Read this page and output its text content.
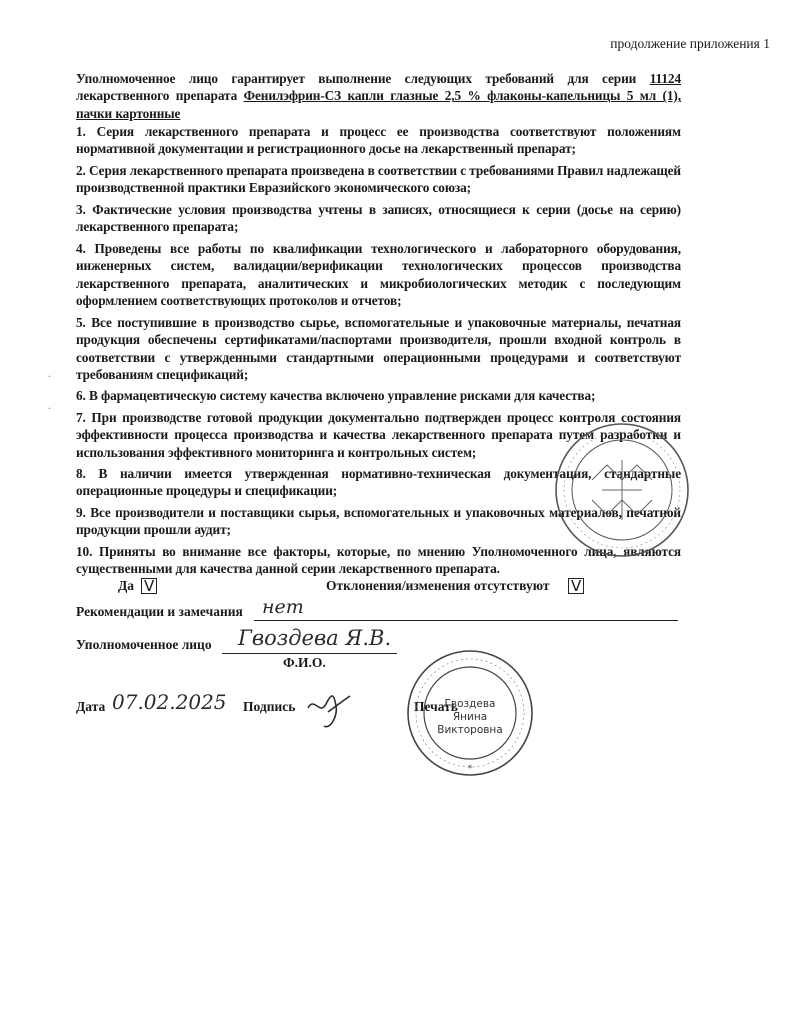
продолжение приложения 1
Уполномоченное лицо гарантирует выполнение следующих требований для серии 11124 лекарственного препарата Фенилэфрин-СЗ капли глазные 2,5 % флаконы-капельницы 5 мл (1), пачки картонные
1. Серия лекарственного препарата и процесс ее производства соответствуют положениям нормативной документации и регистрационного досье на лекарственный препарат;
2. Серия лекарственного препарата произведена в соответствии с требованиями Правил надлежащей производственной практики Евразийского экономического союза;
3. Фактические условия производства учтены в записях, относящиеся к серии (досье на серию) лекарственного препарата;
4. Проведены все работы по квалификации технологического и лабораторного оборудования, инженерных систем, валидации/верификации технологических процессов производства лекарственного препарата, аналитических и микробиологических методик с последующим оформлением соответствующих протоколов и отчетов;
5. Все поступившие в производство сырье, вспомогательные и упаковочные материалы, печатная продукция обеспечены сертификатами/паспортами производителя, прошли входной контроль в соответствии с утвержденными стандартными операционными процедурами и соответствуют требованиям спецификаций;
6. В фармацевтическую систему качества включено управление рисками для качества;
7. При производстве готовой продукции документально подтвержден процесс контроля состояния эффективности процесса производства и качества лекарственного препарата путем разработки и использования эффективного мониторинга и контрольных систем;
8. В наличии имеется утвержденная нормативно-техническая документация, стандартные операционные процедуры и спецификации;
9. Все производители и поставщики сырья, вспомогательных и упаковочных материалов, печатной продукции прошли аудит;
10. Приняты во внимание все факторы, которые, по мнению Уполномоченного лица, являются существенными для качества данной серии лекарственного препарата.
.
.
Да V	Отклонения/изменения отсутствуют V
Рекомендации и замечания нет
Уполномоченное лицо Гвоздева Я.В.
Ф.И.О.
Дата 07.02.2025 Подпись	Печать
*
Гвоздева Янина Викторовна
